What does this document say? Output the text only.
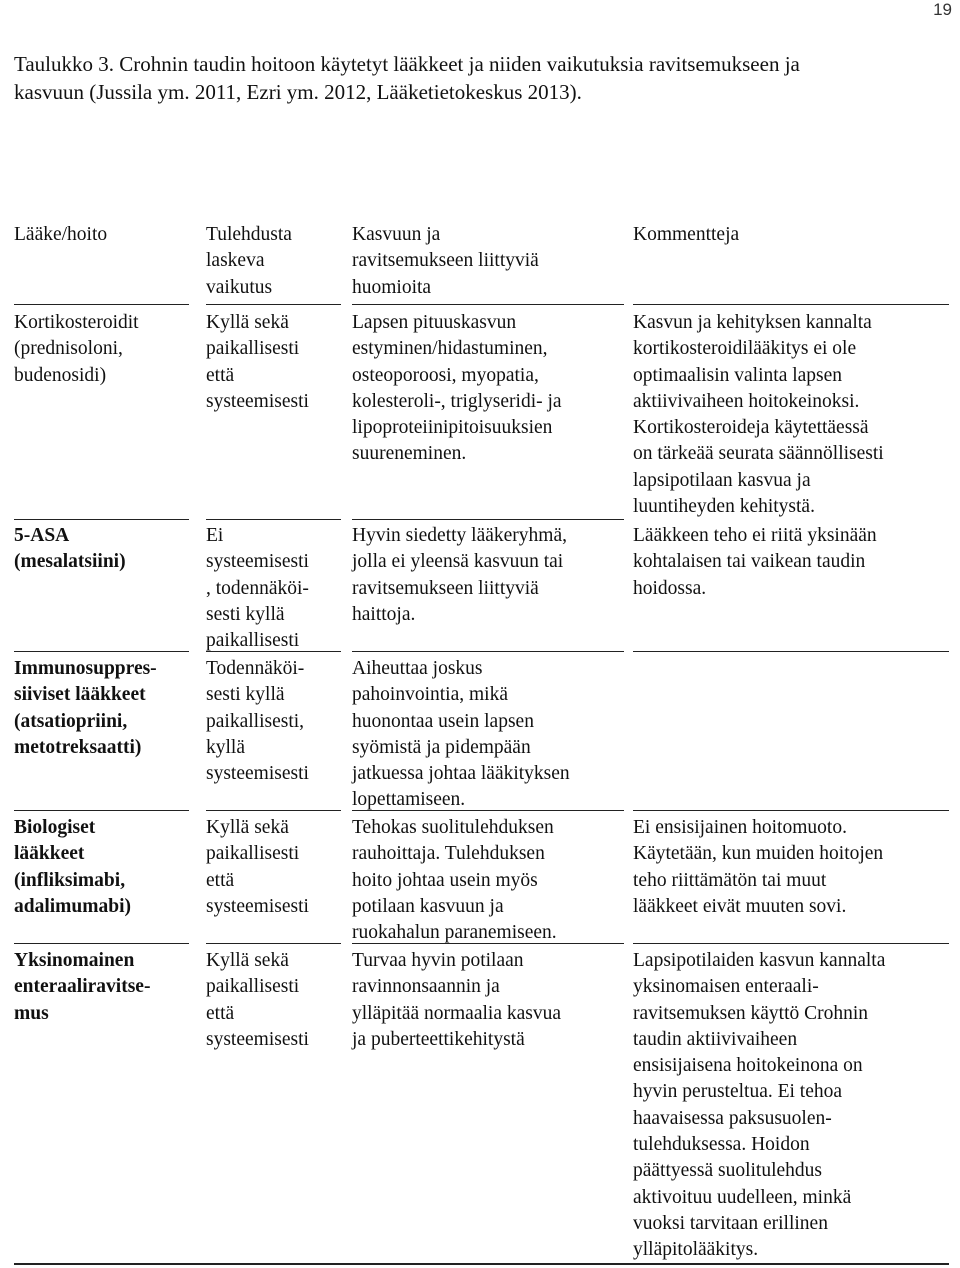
19
Taulukko 3. Crohnin taudin hoitoon käytetyt lääkkeet ja niiden vaikutuksia ravitsemukseen ja
kasvuun (Jussila ym. 2011, Ezri ym. 2012, Lääketietokeskus 2013).
Lääke/hoito	Tulehdusta
laskeva
vaikutus
Kasvuun ja
ravitsemukseen liittyviä
huomioita
Kommentteja
Kortikosteroidit
(prednisoloni,
budenosidi)
Kyllä sekä
paikallisesti
että
systeemisesti
Lapsen pituuskasvun
estyminen/hidastuminen,
osteoporoosi, myopatia,
kolesteroli-, triglyseridi- ja
lipoproteiinipitoisuuksien
suureneminen.
Kasvun ja kehityksen kannalta
kortikosteroidilääkitys ei ole
optimaalisin valinta lapsen
aktiivivaiheen hoitokeinoksi.
Kortikosteroideja käytettäessä
on tärkeää seurata säännöllisesti
lapsipotilaan kasvua ja
luuntiheyden kehitystä.
5-ASA
(mesalatsiini)
Ei
systeemisesti
, todennäköi-
sesti kyllä
paikallisesti
Hyvin siedetty lääkeryhmä,
jolla ei yleensä kasvuun tai
ravitsemukseen liittyviä
haittoja.
Lääkkeen teho ei riitä yksinään
kohtalaisen tai vaikean taudin
hoidossa.
Immunosuppres-
siiviset lääkkeet
(atsatiopriini,
metotreksaatti)
Todennäköi-
sesti kyllä
paikallisesti,
kyllä
systeemisesti
Aiheuttaa joskus
pahoinvointia, mikä
huonontaa usein lapsen
syömistä ja pidempään
jatkuessa johtaa lääkityksen
lopettamiseen.
Biologiset
lääkkeet
(infliksimabi,
adalimumabi)
Kyllä sekä
paikallisesti
että
systeemisesti
Tehokas suolitulehduksen
rauhoittaja. Tulehduksen
hoito johtaa usein myös
potilaan kasvuun ja
ruokahalun paranemiseen.
Ei ensisijainen hoitomuoto.
Käytetään, kun muiden hoitojen
teho riittämätön tai muut
lääkkeet eivät muuten sovi.
Yksinomainen
enteraaliravitse-
mus
Kyllä sekä
paikallisesti
että
systeemisesti
Turvaa hyvin potilaan
ravinnonsaannin ja
ylläpitää normaalia kasvua
ja puberteettikehitystä
Lapsipotilaiden kasvun kannalta
yksinomaisen enteraali-
ravitsemuksen käyttö Crohnin
taudin aktiivivaiheen
ensisijaisena hoitokeinona on
hyvin perusteltua. Ei tehoa
haavaisessa paksusuolen-
tulehduksessa. Hoidon
päättyessä suolitulehdus
aktivoituu uudelleen, minkä
vuoksi tarvitaan erillinen
ylläpitolääkitys.
